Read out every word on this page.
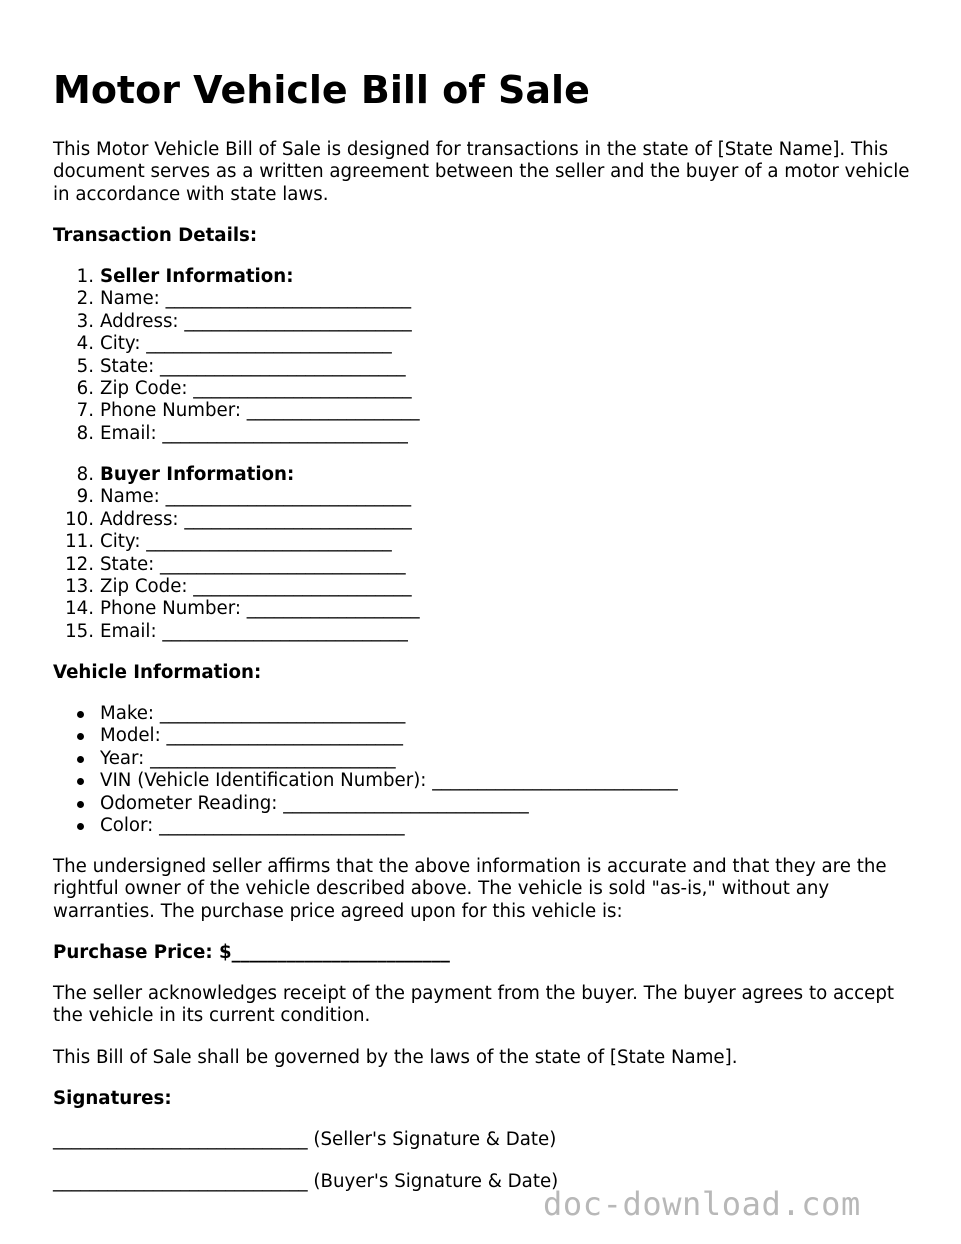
Motor Vehicle Bill of Sale

This Motor Vehicle Bill of Sale is designed for transactions in the state of [State Name]. This document serves as a written agreement between the seller and the buyer of a motor vehicle in accordance with state laws.

Transaction Details:

1. Seller Information:
2. Name: ___________________________
3. Address: _________________________
4. City: ___________________________
5. State: ___________________________
6. Zip Code: ________________________
7. Phone Number: ___________________
8. Email: ___________________________
8. Buyer Information:
9. Name: ___________________________
10. Address: _________________________
11. City: ___________________________
12. State: ___________________________
13. Zip Code: ________________________
14. Phone Number: ___________________
15. Email: ___________________________

Vehicle Information:

Make: ___________________________
Model: __________________________
Year: ___________________________
VIN (Vehicle Identification Number): ___________________________
Odometer Reading: ___________________________
Color: ___________________________

The undersigned seller affirms that the above information is accurate and that they are the rightful owner of the vehicle described above. The vehicle is sold "as-is," without any warranties. The purchase price agreed upon for this vehicle is:

Purchase Price: $________________________

The seller acknowledges receipt of the payment from the buyer. The buyer agrees to accept the vehicle in its current condition.

This Bill of Sale shall be governed by the laws of the state of [State Name].

Signatures:

____________________________ (Seller's Signature & Date)

____________________________ (Buyer's Signature & Date)

doc-download.com
